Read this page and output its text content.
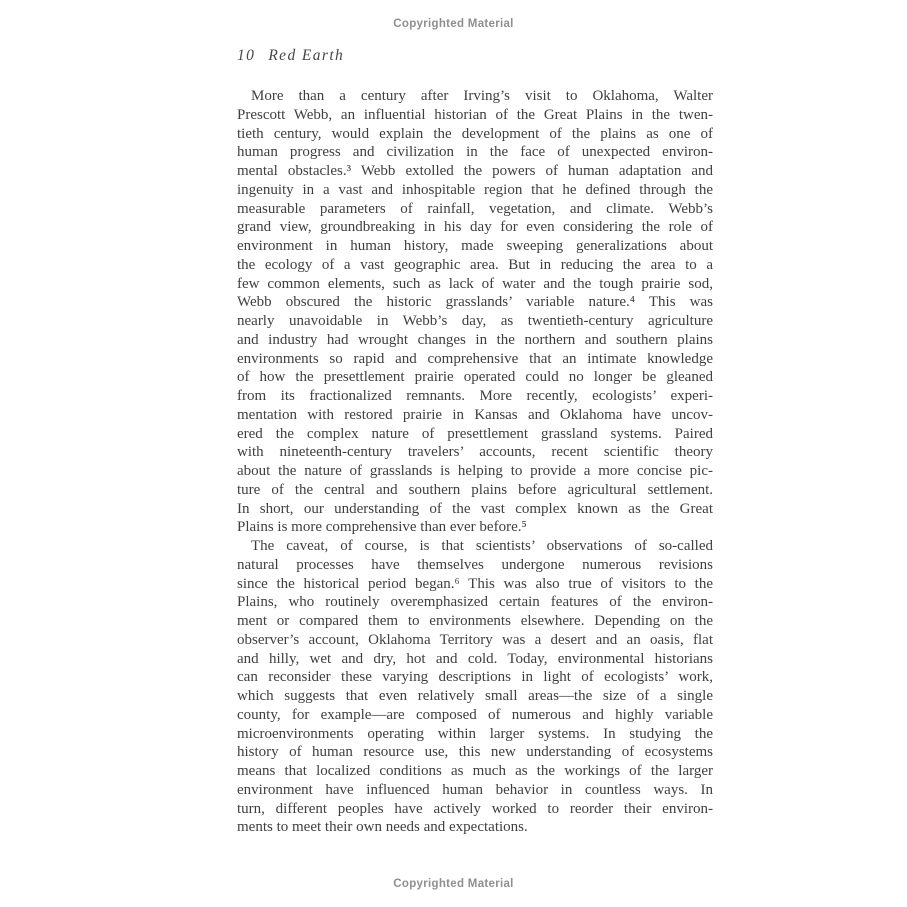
Copyrighted Material
10 Red Earth
More than a century after Irving’s visit to Oklahoma, Walter
Prescott Webb, an influential historian of the Great Plains in the twen-
tieth century, would explain the development of the plains as one of
human progress and civilization in the face of unexpected environ-
mental obstacles.³ Webb extolled the powers of human adaptation and
ingenuity in a vast and inhospitable region that he defined through the
measurable parameters of rainfall, vegetation, and climate. Webb’s
grand view, groundbreaking in his day for even considering the role of
environment in human history, made sweeping generalizations about
the ecology of a vast geographic area. But in reducing the area to a
few common elements, such as lack of water and the tough prairie sod,
Webb obscured the historic grasslands’ variable nature.⁴ This was
nearly unavoidable in Webb’s day, as twentieth-century agriculture
and industry had wrought changes in the northern and southern plains
environments so rapid and comprehensive that an intimate knowledge
of how the presettlement prairie operated could no longer be gleaned
from its fractionalized remnants. More recently, ecologists’ experi-
mentation with restored prairie in Kansas and Oklahoma have uncov-
ered the complex nature of presettlement grassland systems. Paired
with nineteenth-century travelers’ accounts, recent scientific theory
about the nature of grasslands is helping to provide a more concise pic-
ture of the central and southern plains before agricultural settlement.
In short, our understanding of the vast complex known as the Great
Plains is more comprehensive than ever before.⁵
The caveat, of course, is that scientists’ observations of so-called
natural processes have themselves undergone numerous revisions
since the historical period began.⁶ This was also true of visitors to the
Plains, who routinely overemphasized certain features of the environ-
ment or compared them to environments elsewhere. Depending on the
observer’s account, Oklahoma Territory was a desert and an oasis, flat
and hilly, wet and dry, hot and cold. Today, environmental historians
can reconsider these varying descriptions in light of ecologists’ work,
which suggests that even relatively small areas—the size of a single
county, for example—are composed of numerous and highly variable
microenvironments operating within larger systems. In studying the
history of human resource use, this new understanding of ecosystems
means that localized conditions as much as the workings of the larger
environment have influenced human behavior in countless ways. In
turn, different peoples have actively worked to reorder their environ-
ments to meet their own needs and expectations.
Copyrighted Material
